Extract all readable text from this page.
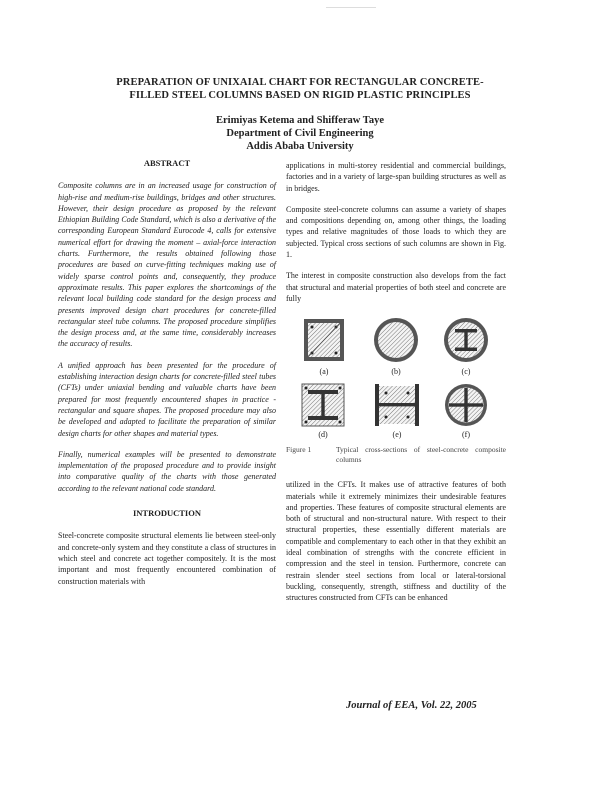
PREPARATION OF UNIXAIAL CHART FOR RECTANGULAR CONCRETE-
FILLED STEEL COLUMNS BASED ON RIGID PLASTIC PRINCIPLES
Erimiyas Ketema and Shifferaw Taye
Department of Civil Engineering
Addis Ababa University
ABSTRACT

Composite columns are in an increased usage for construction of high-rise and medium-rise buildings, bridges and other structures. However, their design procedure as proposed by the relevant Ethiopian Building Code Standard, which is also a derivative of the corresponding European Standard Eurocode 4, calls for extensive numerical effort for drawing the moment – axial-force interaction charts. Furthermore, the results obtained following those procedures are based on curve-fitting techniques making use of widely sparse control points and, consequently, they produce approximate results. This paper explores the shortcomings of the relevant local building code standard for the design process and presents improved design chart procedures for concrete-filled rectangular steel tube columns. The proposed procedure simplifies the design process and, at the same time, considerably increases the accuracy of results.

A unified approach has been presented for the procedure of establishing interaction design charts for concrete-filled steel tubes (CFTs) under uniaxial bending and valuable charts have been prepared for most frequently encountered shapes in practice - rectangular and square shapes. The proposed procedure may also be developed and adapted to facilitate the preparation of similar design charts for other shapes and material types.

Finally, numerical examples will be presented to demonstrate implementation of the proposed procedure and to provide insight into comparative quality of the charts with those generated according to the relevant national code standard.

INTRODUCTION

Steel-concrete composite structural elements lie between steel-only and concrete-only system and they constitute a class of structures in which steel and concrete act together compositely. It is the most important and most frequently encountered combination of construction materials with

applications in multi-storey residential and commercial buildings, factories and in a variety of large-span building structures as well as in bridges.

Composite steel-concrete columns can assume a variety of shapes and compositions depending on, among other things, the loading types and relative magnitudes of those loads to which they are subjected. Typical cross sections of such columns are shown in Fig. 1.

The interest in composite construction also develops from the fact that structural and material properties of both steel and concrete are fully

(a)	(b)	(c)
(d)	(e)	(f)
Figure 1	Typical cross-sections of steel-concrete composite columns

utilized in the CFTs. It makes use of attractive features of both materials while it extremely minimizes their undesirable features and properties. These features of composite structural elements are both of structural and non-structural nature. With respect to their structural properties, these essentially different materials are compatible and complementary to each other in that they exhibit an ideal combination of strengths with the concrete efficient in compression and the steel in tension. Furthermore, concrete can restrain slender steel sections from local or lateral-torsional buckling, consequently, strength, stiffness and ductility of the structures constructed from CFTs can be enhanced

Journal of EEA, Vol. 22, 2005
